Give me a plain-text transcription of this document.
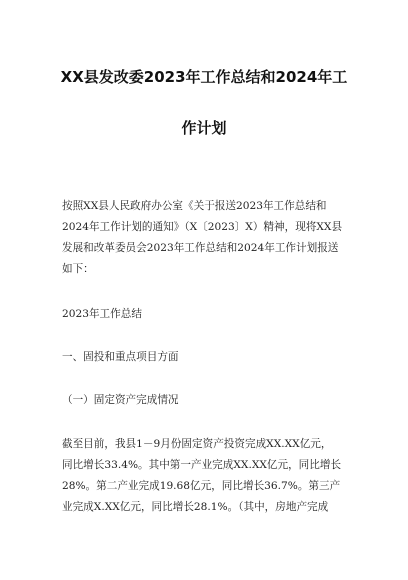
XX县发改委2023年工作总结和2024年工
作计划
按照XX县人民政府办公室《关于报送2023年工作总结和
2024年工作计划的通知》（X〔2023〕X）精神，现将XX县
发展和改革委员会2023年工作总结和2024年工作计划报送
如下：
2023年工作总结
一、固投和重点项目方面
（一）固定资产完成情况
截至目前，我县1－9月份固定资产投资完成XX.XX亿元，
同比增长33.4%。其中第一产业完成XX.XX亿元，同比增长
28%。第二产业完成19.68亿元，同比增长36.7%。第三产
业完成X.XX亿元，同比增长28.1%。（其中，房地产完成
